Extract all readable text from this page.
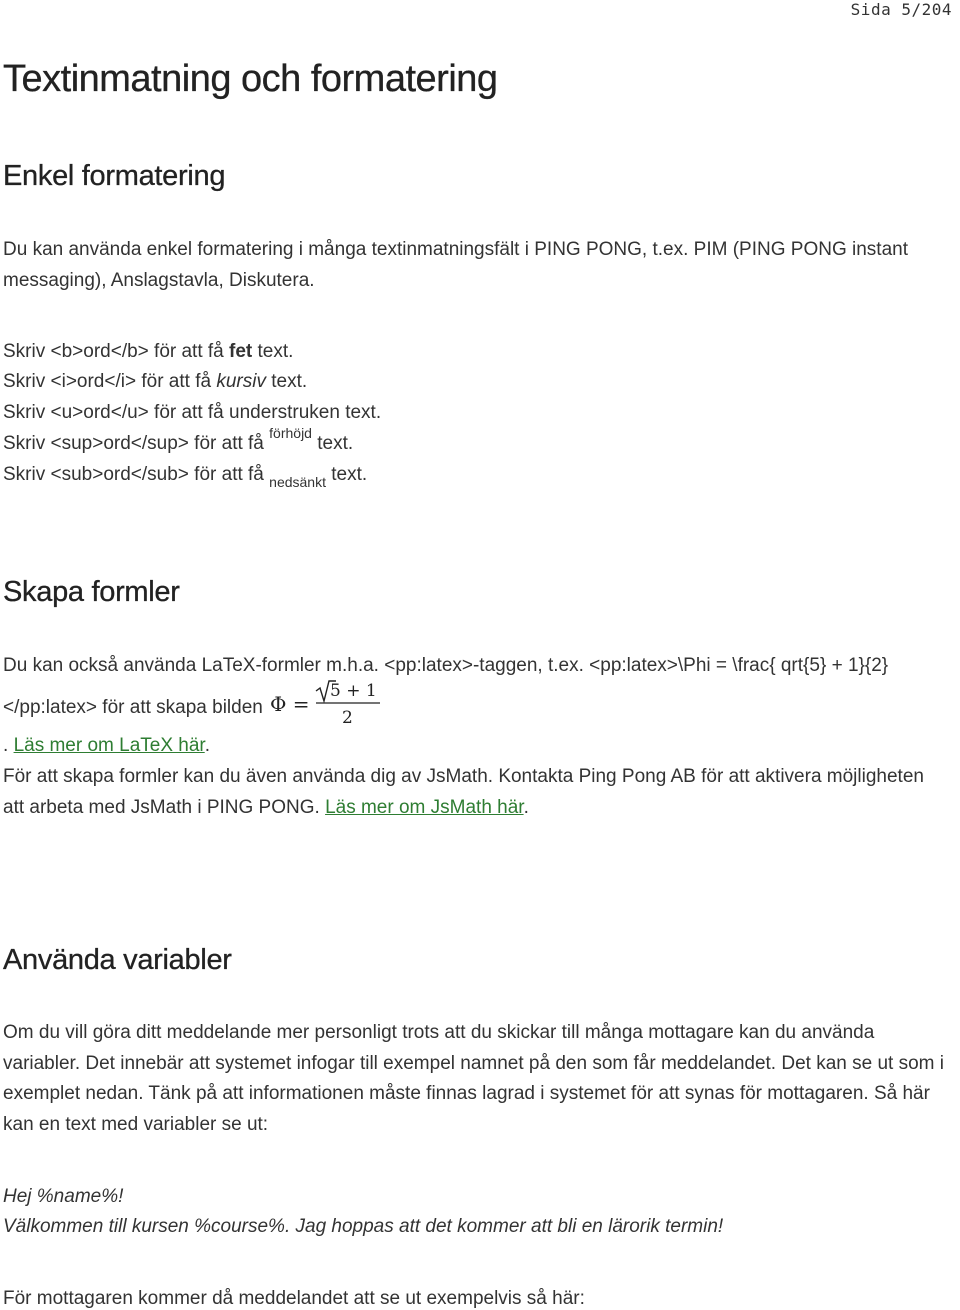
Sida 5/204
Textinmatning och formatering
Enkel formatering

Du kan använda enkel formatering i många textinmatningsfält i PING PONG, t.ex. PIM (PING PONG instant messaging), Anslagstavla, Diskutera.

Skriv <b>ord</b> för att få fet text.
Skriv <i>ord</i> för att få kursiv text.
Skriv <u>ord</u> för att få understruken text.
Skriv <sup>ord</sup> för att få $^{förhöjd}$ text.
Skriv <sub>ord</sub> för att få $_{nedsänkt}$ text.
Skapa formler

Du kan också använda LaTeX-formler m.h.a. <pp:latex>-taggen, t.ex. <pp:latex>\Phi = \frac{ qrt{5} + 1}{2}</pp:latex> för att skapa bilden Φ =
5 + 1
2

. Läs mer om LaTeX här.

För att skapa formler kan du även använda dig av JsMath. Kontakta Ping Pong AB för att aktivera möjligheten att arbeta med JsMath i PING PONG. Läs mer om JsMath här.

Använda variabler

Om du vill göra ditt meddelande mer personligt trots att du skickar till många mottagare kan du använda variabler. Det innebär att systemet infogar till exempel namnet på den som får meddelandet. Det kan se ut som i exemplet nedan. Tänk på att informationen måste finnas lagrad i systemet för att synas för mottagaren. Så här kan en text med variabler se ut:

Hej %name%!
Välkommen till kursen %course%. Jag hoppas att det kommer att bli en lärorik termin!
För mottagaren kommer då meddelandet att se ut exempelvis så här:
